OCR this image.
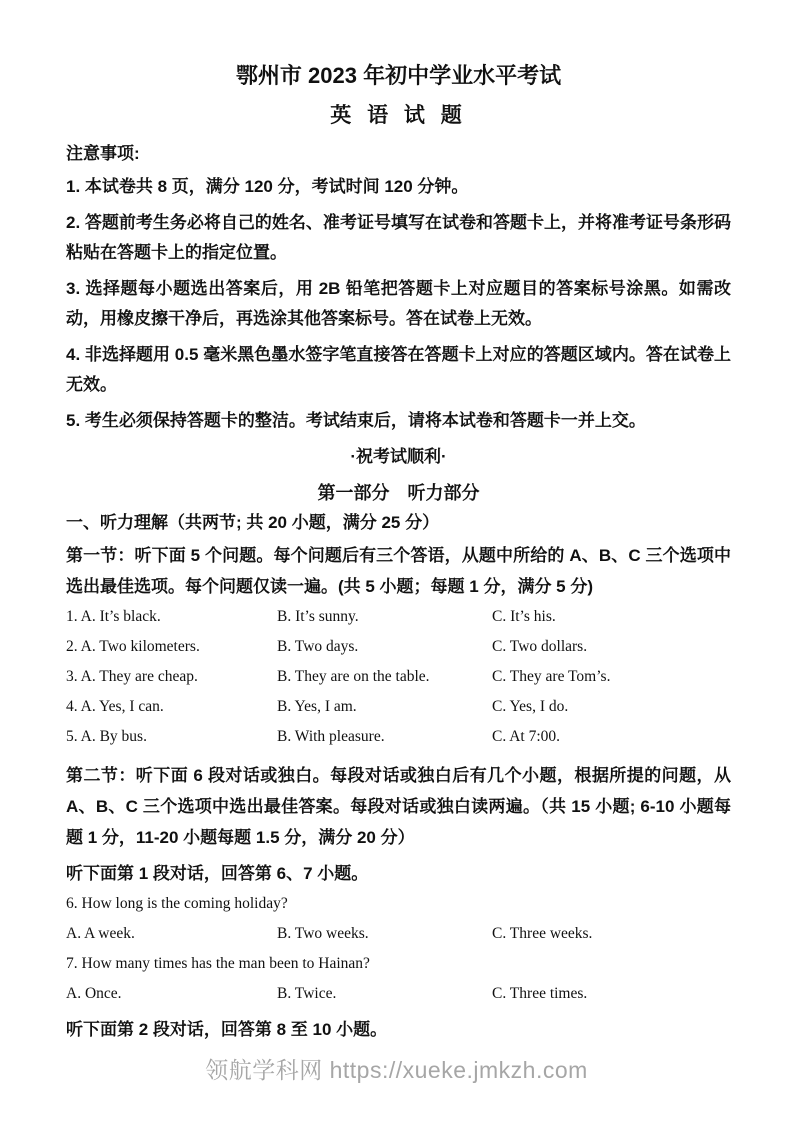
鄂州市 2023 年初中学业水平考试
英 语 试 题

注意事项:

1. 本试卷共 8 页，满分 120 分，考试时间 120 分钟。

2. 答题前考生务必将自己的姓名、准考证号填写在试卷和答题卡上，并将准考证号条形码粘贴在答题卡上的指定位置。

3. 选择题每小题选出答案后，用 2B 铅笔把答题卡上对应题目的答案标号涂黑。如需改动，用橡皮擦干净后，再选涂其他答案标号。答在试卷上无效。

4. 非选择题用 0.5 毫米黑色墨水签字笔直接答在答题卡上对应的答题区域内。答在试卷上无效。

5. 考生必须保持答题卡的整洁。考试结束后，请将本试卷和答题卡一并上交。

·祝考试顺利·

第一部分　听力部分
一、听力理解（共两节; 共 20 小题，满分 25 分）

第一节：听下面 5 个问题。每个问题后有三个答语，从题中所给的 A、B、C 三个选项中选出最佳选项。每个问题仅读一遍。(共 5 小题；每题 1 分，满分 5 分)

1. A. It’s black.	B. It’s sunny.	C. It’s his.
2. A. Two kilometers.	B. Two days.	C. Two dollars.
3. A. They are cheap.	B. They are on the table.	C. They are Tom’s.
4. A. Yes, I can.	B. Yes, I am.	C. Yes, I do.
5. A. By bus.	B. With pleasure.	C. At 7:00.

第二节：听下面 6 段对话或独白。每段对话或独白后有几个小题，根据所提的问题，从 A、B、C 三个选项中选出最佳答案。每段对话或独白读两遍。（共 15 小题; 6-10 小题每题 1 分，11-20 小题每题 1.5 分，满分 20 分）

听下面第 1 段对话，回答第 6、7 小题。

6. How long is the coming holiday?

A. A week.	B. Two weeks.	C. Three weeks.

7. How many times has the man been to Hainan?

A. Once.	B. Twice.	C. Three times.

听下面第 2 段对话，回答第 8 至 10 小题。

领航学科网 https://xueke.jmkzh.com
